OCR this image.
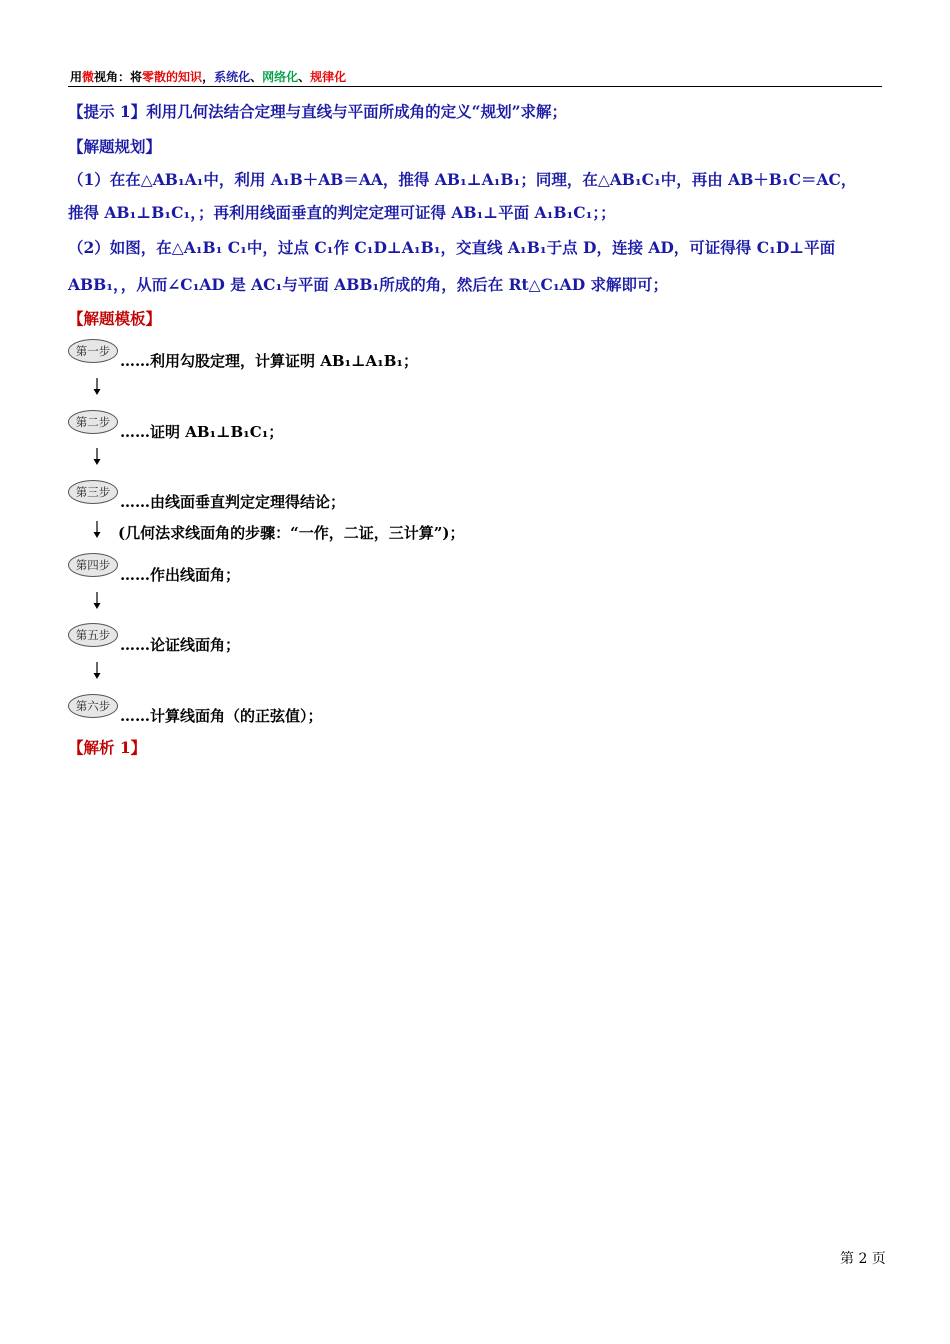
用微视角：将零散的知识，系统化、网络化、规律化
【提示 1】利用几何法结合定理与直线与平面所成角的定义“规划”求解；
【解题规划】
（1）在在△AB₁A₁中，利用 A₁B＋AB＝AA，推得 AB₁⊥A₁B₁；同理，在△AB₁C₁中，再由 AB＋B₁C＝AC，
推得 AB₁⊥B₁C₁，；再利用线面垂直的判定定理可证得 AB₁⊥平面 A₁B₁C₁；；
（2）如图，在△A₁B₁ C₁中，过点 C₁作 C₁D⊥A₁B₁，交直线 A₁B₁于点 D，连接 AD，可证得得 C₁D⊥平面
ABB₁，，从而∠C₁AD 是 AC₁与平面 ABB₁所成的角，然后在 Rt△C₁AD 求解即可；
【解题模板】
第一步
……利用勾股定理，计算证明 AB₁⊥A₁B₁；
第二步
……证明 AB₁⊥B₁C₁；
第三步
……由线面垂直判定定理得结论；
(几何法求线面角的步骤：“一作，二证，三计算”)；
第四步
……作出线面角；
第五步
……论证线面角；
第六步
……计算线面角（的正弦值）；
【解析 1】
第 2 页
